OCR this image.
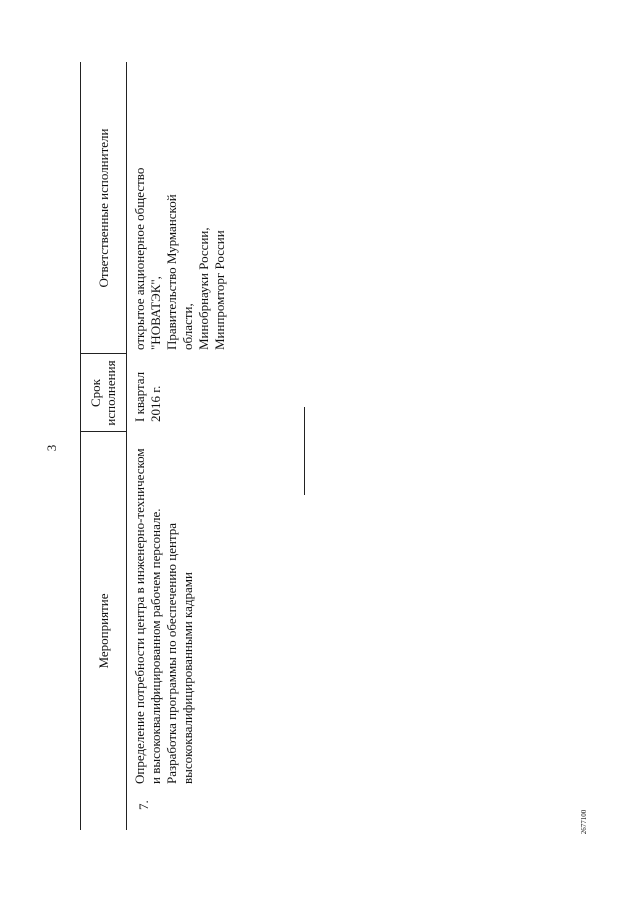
3
Мероприятие
Срок исполнения
Ответственные исполнители
7.
Определение потребности центра в инженерно-техническом и высококвалифицированном рабочем персонале. Разработка программы по обеспечению центра высококвалифицированными кадрами
I квартал 2016 г.
открытое акционерное общество "НОВАТЭК", Правительство Мурманской области, Минобрнауки России, Минпромторг России
2677100
